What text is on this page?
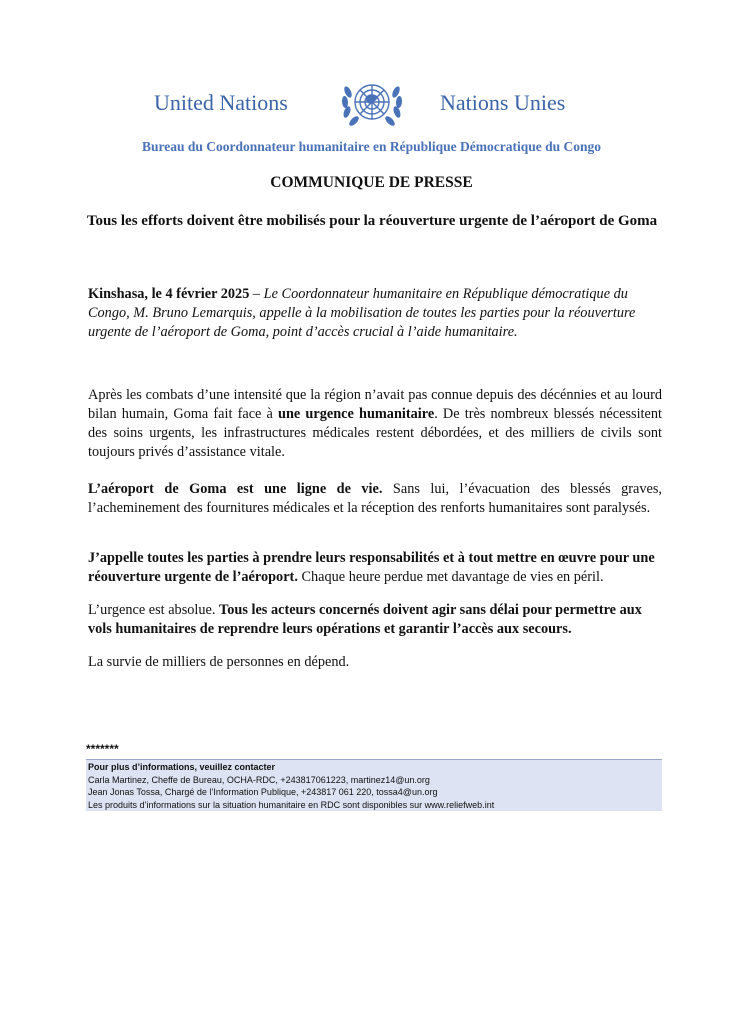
United Nations	Nations Unies
Bureau du Coordonnateur humanitaire en République Démocratique du Congo
COMMUNIQUE DE PRESSE
Tous les efforts doivent être mobilisés pour la réouverture urgente de l’aéroport de Goma

Kinshasa, le 4 février 2025 – Le Coordonnateur humanitaire en République démocratique du Congo, M. Bruno Lemarquis, appelle à la mobilisation de toutes les parties pour la réouverture urgente de l’aéroport de Goma, point d’accès crucial à l’aide humanitaire.

Après les combats d’une intensité que la région n’avait pas connue depuis des décénnies et au lourd bilan humain, Goma fait face à une urgence humanitaire. De très nombreux blessés nécessitent des soins urgents, les infrastructures médicales restent débordées, et des milliers de civils sont toujours privés d’assistance vitale.

L’aéroport de Goma est une ligne de vie. Sans lui, l’évacuation des blessés graves, l’acheminement des fournitures médicales et la réception des renforts humanitaires sont paralysés.

J’appelle toutes les parties à prendre leurs responsabilités et à tout mettre en œuvre pour une réouverture urgente de l’aéroport. Chaque heure perdue met davantage de vies en péril.

L’urgence est absolue. Tous les acteurs concernés doivent agir sans délai pour permettre aux vols humanitaires de reprendre leurs opérations et garantir l’accès aux secours.

La survie de milliers de personnes en dépend.

*******
Pour plus d’informations, veuillez contacter
Carla Martinez, Cheffe de Bureau, OCHA-RDC, +243817061223, martinez14@un.org
Jean Jonas Tossa, Chargé de l’Information Publique, +243817 061 220, tossa4@un.org
Les produits d’informations sur la situation humanitaire en RDC sont disponibles sur www.reliefweb.int
